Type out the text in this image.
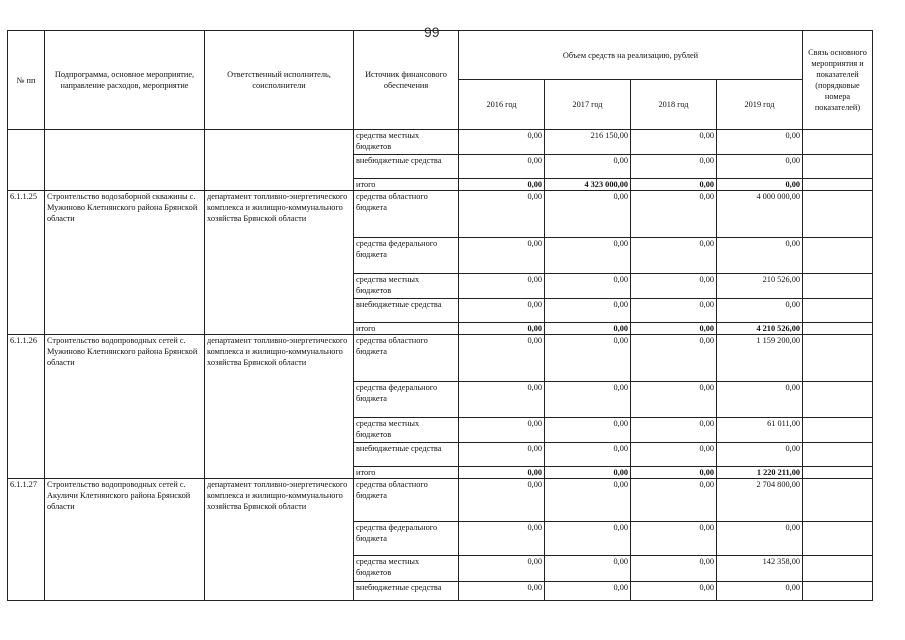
99
№ пп	Подпрограмма, основное мероприятие, направление расходов, мероприятие	Ответственный исполнитель, соисполнители	Источник финансового обеспечения	Объем средств на реализацию, рублей				Связь основного мероприятия и показателей (порядковые номера показателей)
				2016 год	2017 год	2018 год	2019 год	
			средства местных бюджетов	0,00	216 150,00	0,00	0,00	
			внебюджетные средства	0,00	0,00	0,00	0,00	
			итого	0,00	4 323 000,00	0,00	0,00	
6.1.1.25	Строительство водозаборной скважины с. Мужиново Клетнянского района Брянской области	департамент топливно-энергетического комплекса и жилищно-коммунального хозяйства Брянской области	средства областного бюджета	0,00	0,00	0,00	4 000 000,00	
			средства федерального бюджета	0,00	0,00	0,00	0,00	
			средства местных бюджетов	0,00	0,00	0,00	210 526,00	
			внебюджетные средства	0,00	0,00	0,00	0,00	
			итого	0,00	0,00	0,00	4 210 526,00	
6.1.1.26	Строительство водопроводных сетей с. Мужиново Клетнянского района Брянской области	департамент топливно-энергетического комплекса и жилищно-коммунального хозяйства Брянской области	средства областного бюджета	0,00	0,00	0,00	1 159 200,00	
			средства федерального бюджета	0,00	0,00	0,00	0,00	
			средства местных бюджетов	0,00	0,00	0,00	61 011,00	
			внебюджетные средства	0,00	0,00	0,00	0,00	
			итого	0,00	0,00	0,00	1 220 211,00	
6.1.1.27	Строительство водопроводных сетей с. Акуличи Клетнянского района Брянской области	департамент топливно-энергетического комплекса и жилищно-коммунального хозяйства Брянской области	средства областного бюджета	0,00	0,00	0,00	2 704 800,00	
			средства федерального бюджета	0,00	0,00	0,00	0,00	
			средства местных бюджетов	0,00	0,00	0,00	142 358,00	
			внебюджетные средства	0,00	0,00	0,00	0,00	
